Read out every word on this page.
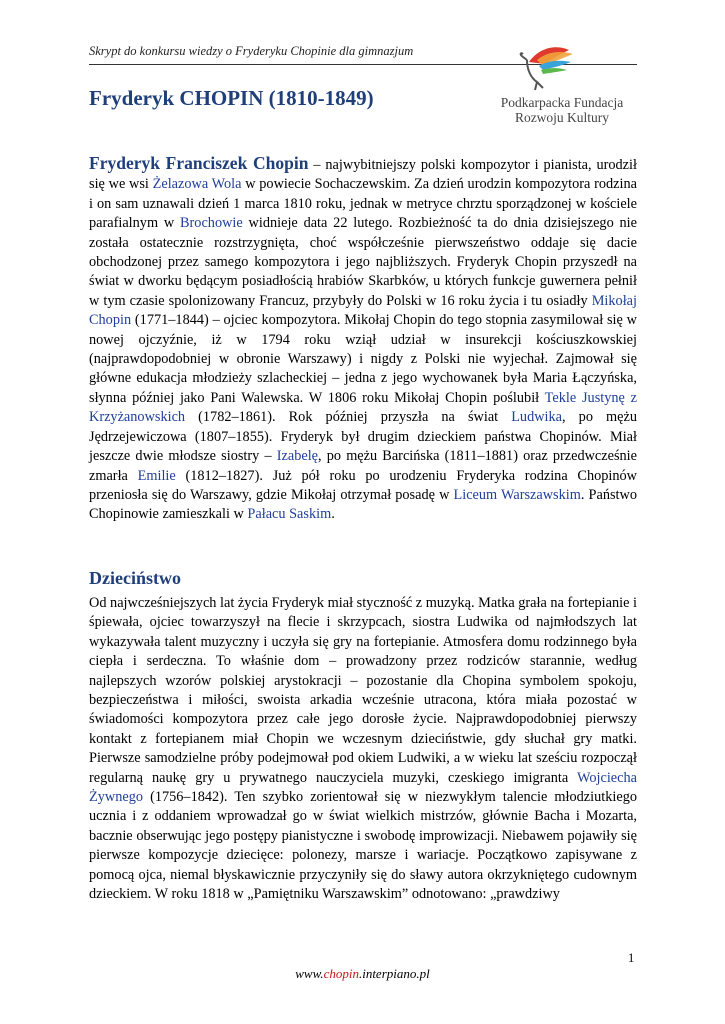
Skrypt do konkursu wiedzy o Fryderyku Chopinie dla gimnazjum
Podkarpacka Fundacja
Rozwoju Kultury
Fryderyk CHOPIN (1810-1849)
Fryderyk Franciszek Chopin – najwybitniejszy polski kompozytor i pianista, urodził się we wsi Żelazowa Wola w powiecie Sochaczewskim. Za dzień urodzin kompozytora rodzina i on sam uznawali dzień 1 marca 1810 roku, jednak w metryce chrztu sporządzonej w kościele parafialnym w Brochowie widnieje data 22 lutego. Rozbieżność ta do dnia dzisiejszego nie została ostatecznie rozstrzygnięta, choć współcześnie pierwszeństwo oddaje się dacie obchodzonej przez samego kompozytora i jego najbliższych. Fryderyk Chopin przyszedł na świat w dworku będącym posiadłością hrabiów Skarbków, u których funkcje guwernera pełnił w tym czasie spolonizowany Francuz, przybyły do Polski w 16 roku życia i tu osiadły Mikołaj Chopin (1771–1844) – ojciec kompozytora. Mikołaj Chopin do tego stopnia zasymilował się w nowej ojczyźnie, iż w 1794 roku wziął udział w insurekcji kościuszkowskiej (najprawdopodobniej w obronie Warszawy) i nigdy z Polski nie wyjechał. Zajmował się główne edukacja młodzieży szlacheckiej – jedna z jego wychowanek była Maria Łączyńska, słynna później jako Pani Walewska. W 1806 roku Mikołaj Chopin poślubił Tekle Justynę z Krzyżanowskich (1782–1861). Rok później przyszła na świat Ludwika, po mężu Jędrzejewiczowa (1807–1855). Fryderyk był drugim dzieckiem państwa Chopinów. Miał jeszcze dwie młodsze siostry – Izabelę, po mężu Barcińska (1811–1881) oraz przedwcześnie zmarła Emilie (1812–1827). Już pół roku po urodzeniu Fryderyka rodzina Chopinów przeniosła się do Warszawy, gdzie Mikołaj otrzymał posadę w Liceum Warszawskim. Państwo Chopinowie zamieszkali w Pałacu Saskim.
Dzieciństwo
Od najwcześniejszych lat życia Fryderyk miał styczność z muzyką. Matka grała na fortepianie i śpiewała, ojciec towarzyszył na flecie i skrzypcach, siostra Ludwika od najmłodszych lat wykazywała talent muzyczny i uczyła się gry na fortepianie. Atmosfera domu rodzinnego była ciepła i serdeczna. To właśnie dom – prowadzony przez rodziców starannie, według najlepszych wzorów polskiej arystokracji – pozostanie dla Chopina symbolem spokoju, bezpieczeństwa i miłości, swoista arkadia wcześnie utracona, która miała pozostać w świadomości kompozytora przez całe jego dorosłe życie. Najprawdopodobniej pierwszy kontakt z fortepianem miał Chopin we wczesnym dzieciństwie, gdy słuchał gry matki. Pierwsze samodzielne próby podejmował pod okiem Ludwiki, a w wieku lat sześciu rozpoczął regularną naukę gry u prywatnego nauczyciela muzyki, czeskiego imigranta Wojciecha Żywnego (1756–1842). Ten szybko zorientował się w niezwykłym talencie młodziutkiego ucznia i z oddaniem wprowadzał go w świat wielkich mistrzów, głównie Bacha i Mozarta, bacznie obserwując jego postępy pianistyczne i swobodę improwizacji. Niebawem pojawiły się pierwsze kompozycje dziecięce: polonezy, marsze i wariacje. Początkowo zapisywane z pomocą ojca, niemal błyskawicznie przyczyniły się do sławy autora okrzykniętego cudownym dzieckiem. W roku 1818 w „Pamiętniku Warszawskim” odnotowano: „prawdziwy
1
www.chopin.interpiano.pl
